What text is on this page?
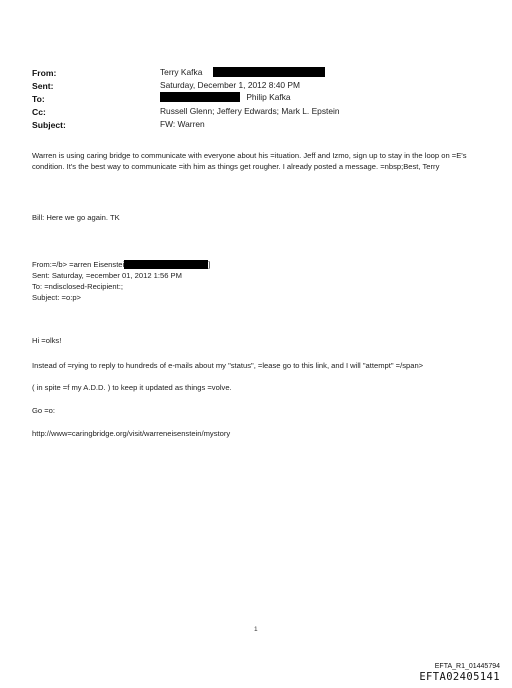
From:
Sent:
To:
Cc:
Subject:
Terry Kafka
Saturday, December 1, 2012 8:40 PM
Philip Kafka
Russell Glenn; Jeffery Edwards; Mark L. Epstein
FW: Warren
Warren is using caring bridge to communicate with everyone about his =ituation. Jeff and Izmo, sign up to stay in the loop on =E's condition. It's the best way to communicate =ith him as things get rougher. I already posted a message. =nbsp;Best, Terry
Bill: Here we go again. TK
From:=/b> =arren Eisenstei	]
Sent: Saturday, =ecember 01, 2012 1:56 PM
To: =ndisclosed-Recipient:;
Subject: =o:p>
Hi =olks!
Instead of =rying to reply to hundreds of e-mails about my "status", =lease go to this link, and I will "attempt" =/span>
( in spite =f my A.D.D. ) to keep it updated as things =volve.
Go =o:
http://www=caringbridge.org/visit/warreneisenstein/mystory
1
EFTA_R1_01445794
EFTA02405141
